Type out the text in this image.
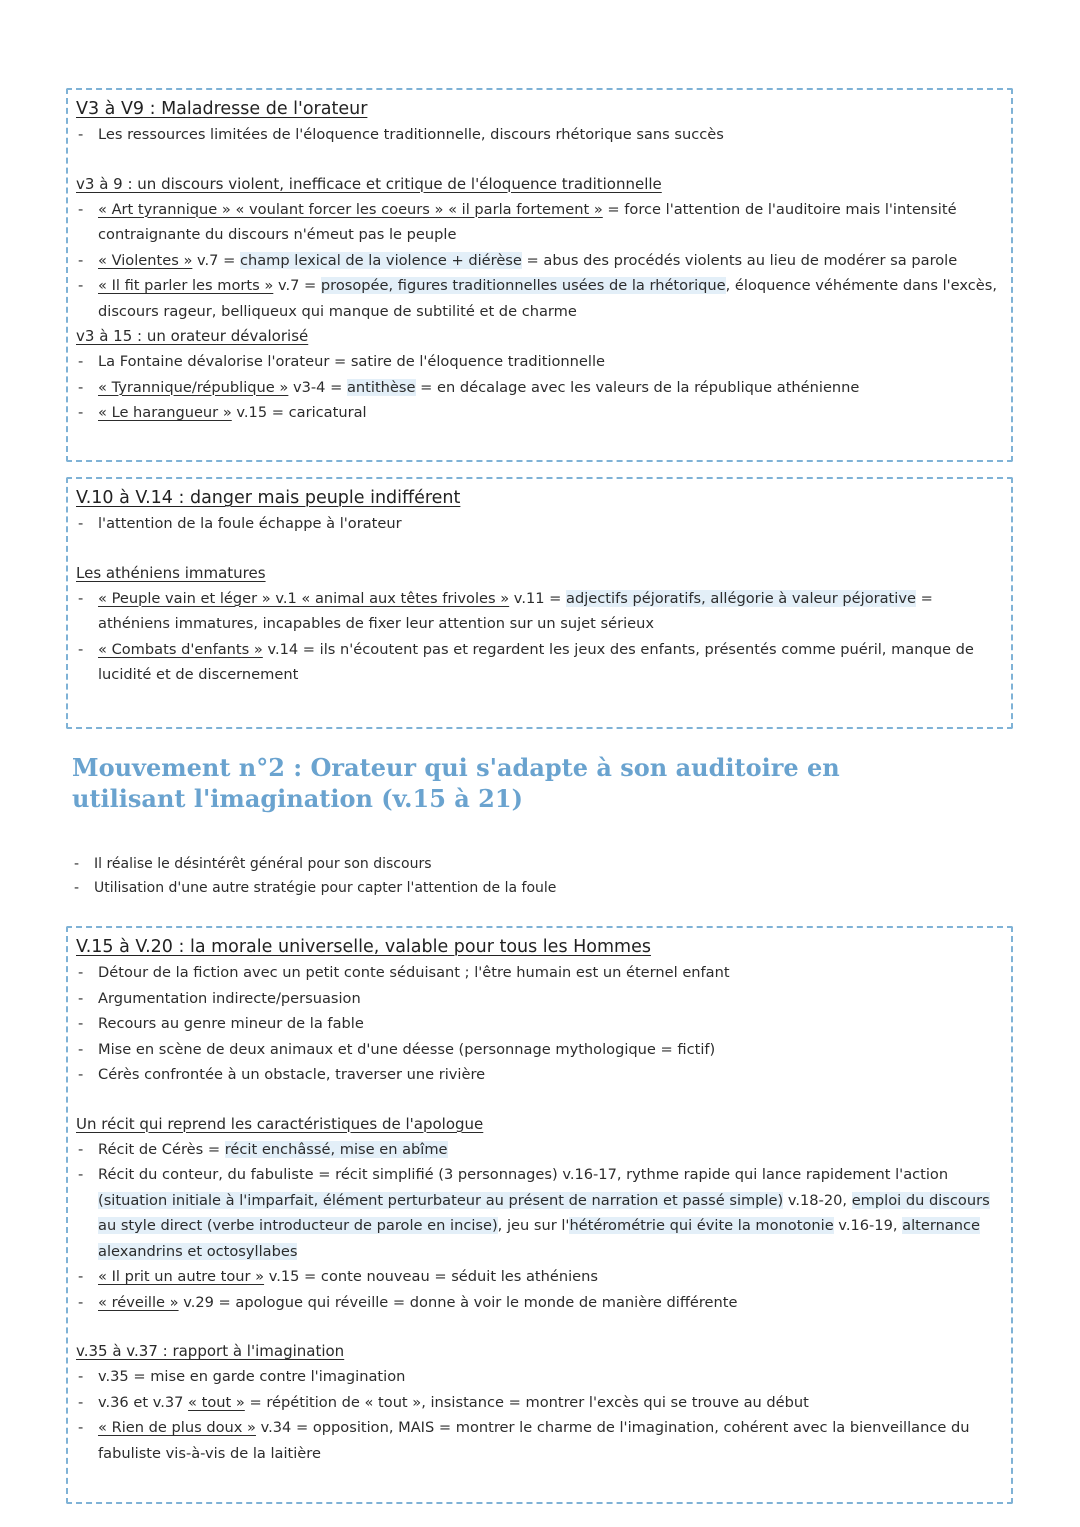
V3 à V9 : Maladresse de l'orateur

- Les ressources limitées de l'éloquence traditionnelle, discours rhétorique sans succès

v3 à 9 : un discours violent, inefficace et critique de l'éloquence traditionnelle

- « Art tyrannique » « voulant forcer les coeurs » « il parla fortement » = force l'attention de l'auditoire mais l'intensité contraignante du discours n'émeut pas le peuple
- « Violentes » v.7 = champ lexical de la violence + diérèse = abus des procédés violents au lieu de modérer sa parole
- « Il fit parler les morts » v.7 = prosopée, figures traditionnelles usées de la rhétorique, éloquence véhémente dans l'excès, discours rageur, belliqueux qui manque de subtilité et de charme

v3 à 15 : un orateur dévalorisé

- La Fontaine dévalorise l'orateur = satire de l'éloquence traditionnelle
- « Tyrannique/république » v3-4 = antithèse = en décalage avec les valeurs de la république athénienne
- « Le harangueur » v.15 = caricatural

V.10 à V.14 : danger mais peuple indifférent

- l'attention de la foule échappe à l'orateur

Les athéniens immatures

- « Peuple vain et léger » v.1 « animal aux têtes frivoles » v.11 = adjectifs péjoratifs, allégorie à valeur péjorative = athéniens immatures, incapables de fixer leur attention sur un sujet sérieux
- « Combats d'enfants » v.14 = ils n'écoutent pas et regardent les jeux des enfants, présentés comme puéril, manque de lucidité et de discernement
Mouvement n°2 : Orateur qui s'adapte à son auditoire en utilisant l'imagination (v.15 à 21)
- Il réalise le désintérêt général pour son discours
- Utilisation d'une autre stratégie pour capter l'attention de la foule

V.15 à V.20 : la morale universelle, valable pour tous les Hommes

- Détour de la fiction avec un petit conte séduisant ; l'être humain est un éternel enfant
- Argumentation indirecte/persuasion
- Recours au genre mineur de la fable
- Mise en scène de deux animaux et d'une déesse (personnage mythologique = fictif)
- Cérès confrontée à un obstacle, traverser une rivière

Un récit qui reprend les caractéristiques de l'apologue

- Récit de Cérès = récit enchâssé, mise en abîme
- Récit du conteur, du fabuliste = récit simplifié (3 personnages) v.16-17, rythme rapide qui lance rapidement l'action (situation initiale à l'imparfait, élément perturbateur au présent de narration et passé simple) v.18-20, emploi du discours au style direct (verbe introducteur de parole en incise), jeu sur l'hétérométrie qui évite la monotonie v.16-19, alternance alexandrins et octosyllabes
- « Il prit un autre tour » v.15 = conte nouveau = séduit les athéniens
- « réveille » v.29 = apologue qui réveille = donne à voir le monde de manière différente

v.35 à v.37 : rapport à l'imagination

- v.35 = mise en garde contre l'imagination
- v.36 et v.37 « tout » = répétition de « tout », insistance = montrer l'excès qui se trouve au début
- « Rien de plus doux » v.34 = opposition, MAIS = montrer le charme de l'imagination, cohérent avec la bienveillance du fabuliste vis-à-vis de la laitière
